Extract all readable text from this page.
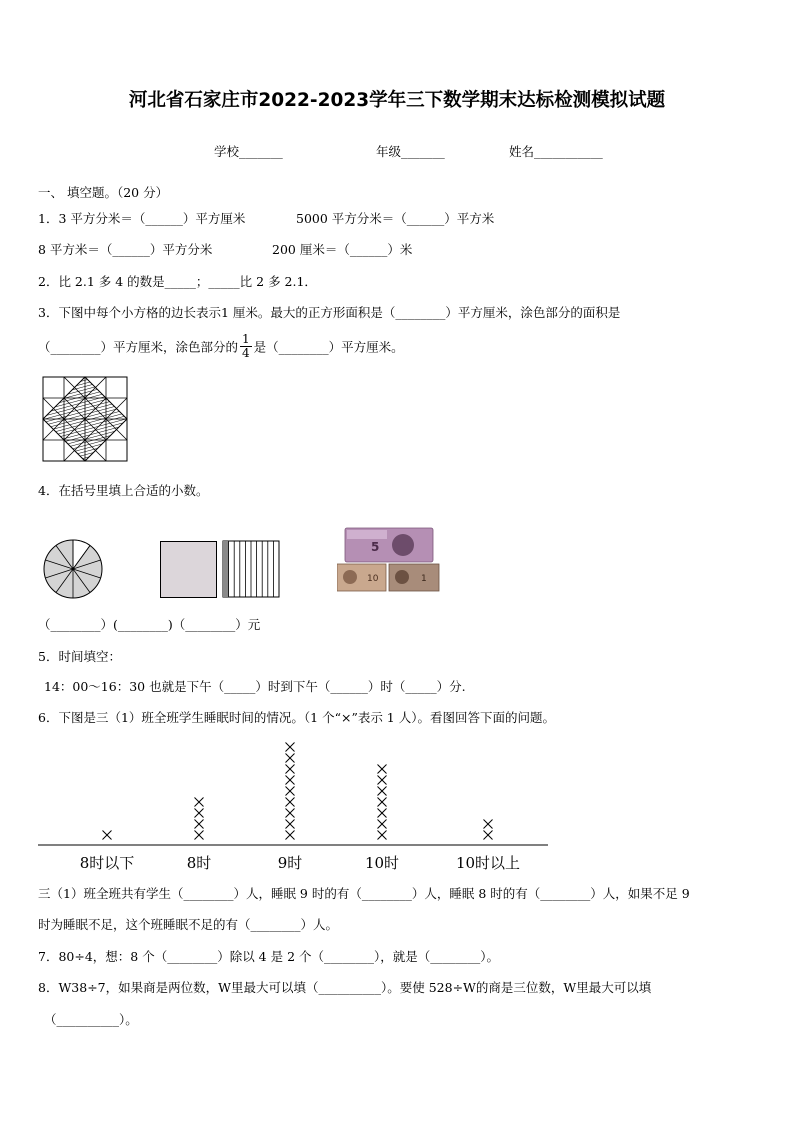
河北省石家庄市2022-2023学年三下数学期末达标检测模拟试题
学校_______	年级_______	姓名___________
一、 填空题。（20 分）
1．3 平方分米＝（______）平方厘米	5000 平方分米＝（______）平方米
8 平方米＝（______）平方分米	200 厘米＝（______）米
2．比 2.1 多 4 的数是_____；_____比 2 多 2.1．
3．下图中每个小方格的边长表示1 厘米。最大的正方形面积是（________）平方厘米，涂色部分的面积是
（________）平方厘米，涂色部分的 $\frac{1}{4}$ 是（________）平方厘米。
4．在括号里填上合适的小数。
5
10	1
（________）(________)（________）元
5．时间填空：
14：00～16：30 也就是下午（_____）时到下午（______）时（_____）分.
6．下图是三（1）班全班学生睡眠时间的情况。（1 个“×”表示 1 人）。看图回答下面的问题。
8时以下	8时	9时	10时	10时以上
三（1）班全班共有学生（________）人，睡眠 9 时的有（________）人，睡眠 8 时的有（________）人，如果不足 9
时为睡眠不足，这个班睡眠不足的有（________）人。
7．80÷4，想：8 个（________）除以 4 是 2 个（________），就是（________）。
8．W38÷7，如果商是两位数，W里最大可以填（__________）。要使 528÷W的商是三位数，W里最大可以填
（__________）。
